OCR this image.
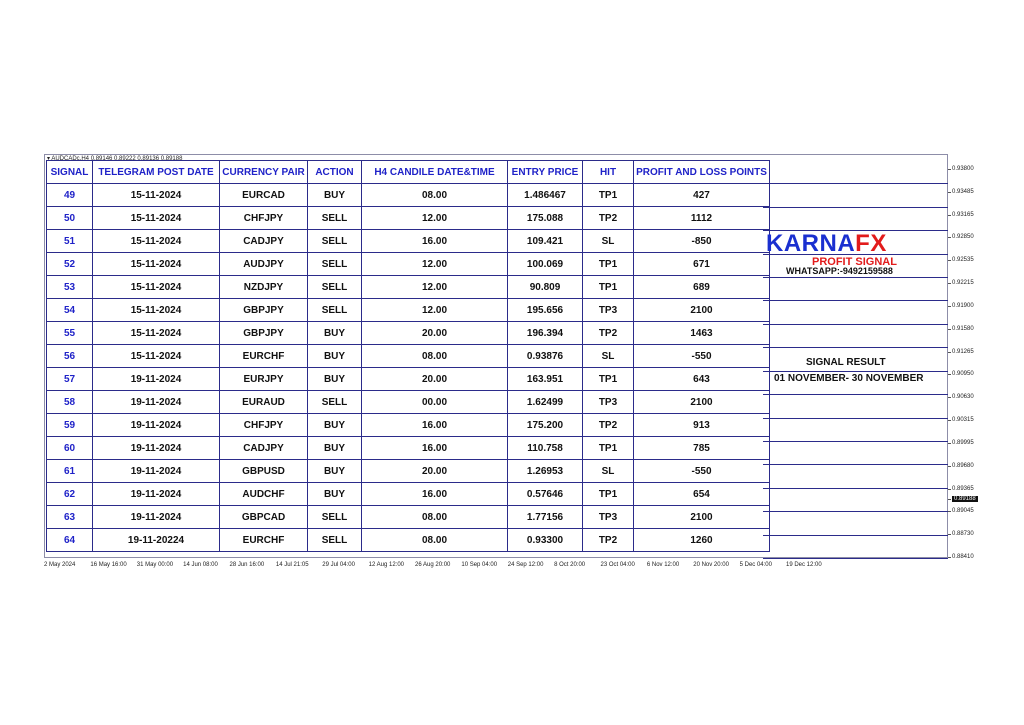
▾ AUDCADc,H4 0.89146 0.89222 0.89136 0.89188
SIGNAL	TELEGRAM POST DATE	CURRENCY PAIR	ACTION	H4 CANDILE DATE&TIME	ENTRY PRICE	HIT	PROFIT AND LOSS POINTS
49	15-11-2024	EURCAD	BUY	08.00	1.486467	TP1	427
50	15-11-2024	CHFJPY	SELL	12.00	175.088	TP2	1112
51	15-11-2024	CADJPY	SELL	16.00	109.421	SL	-850
52	15-11-2024	AUDJPY	SELL	12.00	100.069	TP1	671
53	15-11-2024	NZDJPY	SELL	12.00	90.809	TP1	689
54	15-11-2024	GBPJPY	SELL	12.00	195.656	TP3	2100
55	15-11-2024	GBPJPY	BUY	20.00	196.394	TP2	1463
56	15-11-2024	EURCHF	BUY	08.00	0.93876	SL	-550
57	19-11-2024	EURJPY	BUY	20.00	163.951	TP1	643
58	19-11-2024	EURAUD	SELL	00.00	1.62499	TP3	2100
59	19-11-2024	CHFJPY	BUY	16.00	175.200	TP2	913
60	19-11-2024	CADJPY	BUY	16.00	110.758	TP1	785
61	19-11-2024	GBPUSD	BUY	20.00	1.26953	SL	-550
62	19-11-2024	AUDCHF	BUY	16.00	0.57646	TP1	654
63	19-11-2024	GBPCAD	SELL	08.00	1.77156	TP3	2100
64	19-11-20224	EURCHF	SELL	08.00	0.93300	TP2	1260
KARNAFX
PROFIT SIGNAL
WHATSAPP:-9492159588
SIGNAL RESULT
01 NOVEMBER- 30 NOVEMBER
0.93800
0.93485
0.93165
0.92850
0.92535
0.92215
0.91900
0.91580
0.91265
0.90950
0.90630
0.90315
0.89995
0.89680
0.89365
0.89045
0.88730
0.88410
0.89188
2 May 2024	16 May 16:00 31 May 00:00 14 Jun 08:00 28 Jun 16:00 14 Jul 21:05 29 Jul 04:00 12 Aug 12:00 26 Aug 20:00 10 Sep 04:00 24 Sep 12:00 8 Oct 20:00	23 Oct 04:00 6 Nov 12:00 20 Nov 20:00 5 Dec 04:00 19 Dec 12:00
